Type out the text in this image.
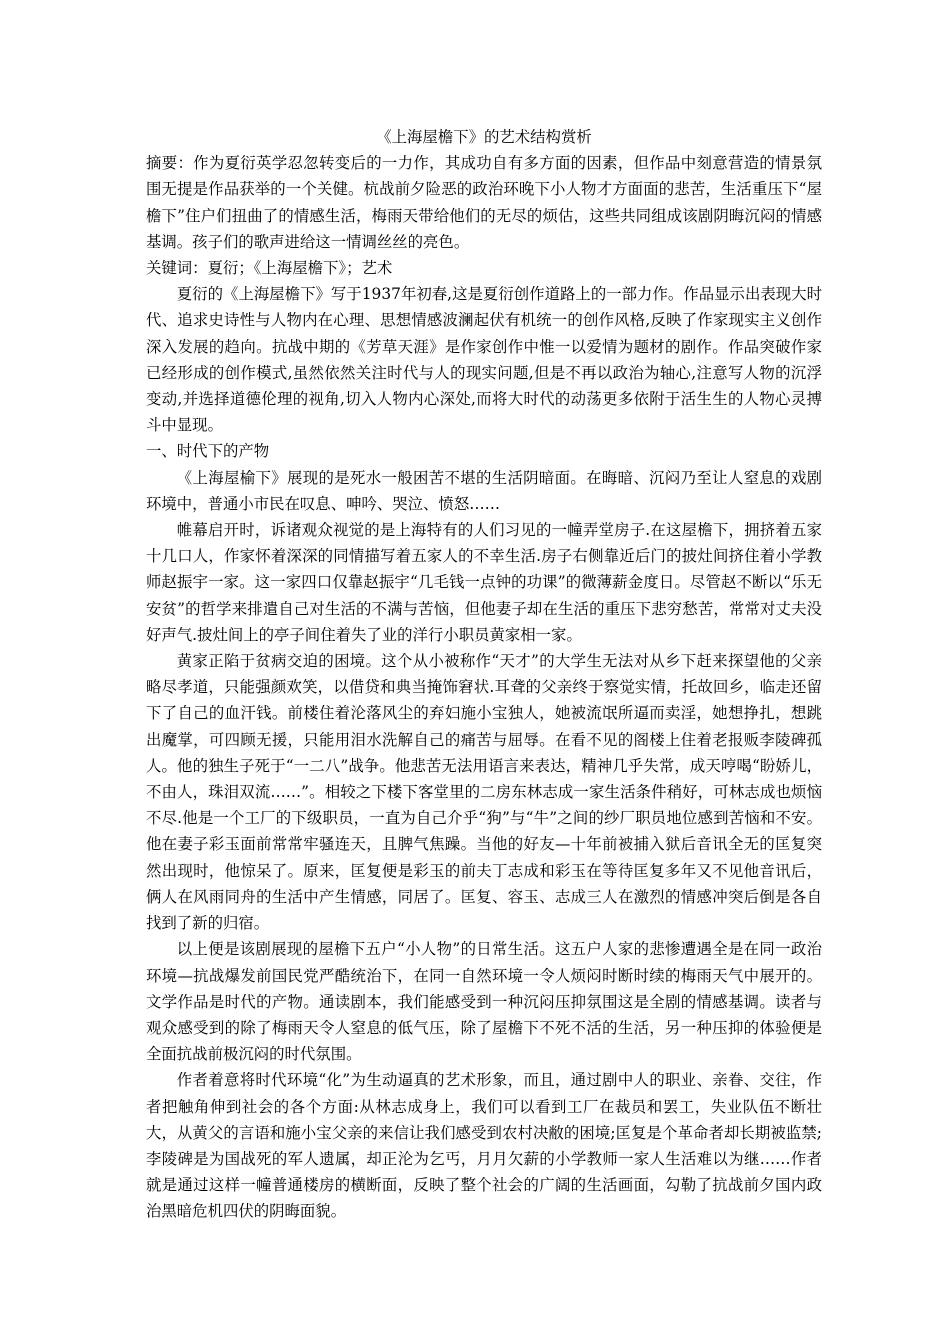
《上海屋檐下》的艺术结构赏析

摘要：作为夏衍英学忍忽转变后的一力作，其成功自有多方面的因素，但作品中刻意营造的情景氛围无提是作品获举的一个关健。杭战前夕险恶的政治环晚下小人物才方面面的悲苦，生活重压下“屋檐下”住户们扭曲了的情感生活，梅雨天带给他们的无尽的烦估，这些共同组成该剧阴晦沉闷的情感基调。孩子们的歌声进给这一情调丝丝的亮色。

关键词：夏衍；《上海屋檐下》；艺术

夏衍的《上海屋檐下》写于1937年初春,这是夏衍创作道路上的一部力作。作品显示出表现大时代、追求史诗性与人物内在心理、思想情感波澜起伏有机统一的创作风格,反映了作家现实主义创作深入发展的趋向。抗战中期的《芳草天涯》是作家创作中惟一以爱情为题材的剧作。作品突破作家已经形成的创作模式,虽然依然关注时代与人的现实问题,但是不再以政治为轴心,注意写人物的沉浮变动,并选择道德伦理的视角,切入人物内心深处,而将大时代的动荡更多依附于活生生的人物心灵搏斗中显现。

一、时代下的产物

《上海屋榆下》展现的是死水一般困苦不堪的生活阴暗面。在晦暗、沉闷乃至让人窒息的戏剧环境中，普通小市民在叹息、呻吟、哭泣、愤怒……

帷幕启开时，诉诸观众视觉的是上海特有的人们习见的一幢弄堂房子.在这屋檐下，拥挤着五家十几口人，作家怀着深深的同情描写着五家人的不幸生活.房子右侧靠近后门的披灶间挤住着小学教师赵振宇一家。这一家四口仅靠赵振宇“几毛钱一点钟的功课”的微薄薪金度日。尽管赵不断以“乐无安贫”的哲学来排遣自己对生活的不满与苦恼，但他妻子却在生活的重压下悲穷愁苦，常常对丈夫没好声气.披灶间上的亭子间住着失了业的洋行小职员黄家相一家。

黄家正陷于贫病交迫的困境。这个从小被称作“天才”的大学生无法对从乡下赶来探望他的父亲略尽孝道，只能强颜欢笑，以借贷和典当掩饰窘状.耳聋的父亲终于察觉实情，托故回乡，临走还留下了自己的血汗钱。前楼住着沦落风尘的弃妇施小宝独人，她被流氓所逼而卖淫，她想挣扎，想跳出魔掌，可四顾无援，只能用泪水洗解自己的痛苦与屈辱。在看不见的阁楼上住着老报贩李陵碑孤人。他的独生子死于“一二八”战争。他悲苦无法用语言来表达，精神几乎失常，成天哼喝“盼娇儿，不由人，珠泪双流……”。相较之下楼下客堂里的二房东林志成一家生活条件稍好，可林志成也烦恼不尽.他是一个工厂的下级职员，一直为自己介乎“狗”与“牛”之间的纱厂职员地位感到苦恼和不安。他在妻子彩玉面前常常牢骚连天，且脾气焦躁。当他的好友—十年前被捕入狱后音讯全无的匡复突然出现时，他惊呆了。原来，匡复便是彩玉的前夫丁志成和彩玉在等待匡复多年又不见他音讯后，俩人在风雨同舟的生活中产生情感，同居了。匡复、容玉、志成三人在激烈的情感冲突后倒是各自找到了新的归宿。

以上便是该剧展现的屋檐下五户“小人物”的日常生活。这五户人家的悲惨遭遇全是在同一政治环境—抗战爆发前国民党严酷统治下，在同一自然环境一令人烦闷时断时续的梅雨天气中展开的。文学作品是时代的产物。通读剧本，我们能感受到一种沉闷压抑氛围这是全剧的情感基调。读者与观众感受到的除了梅雨天令人窒息的低气压，除了屋檐下不死不活的生活，另一种压抑的体验便是全面抗战前极沉闷的时代氛围。

作者着意将时代环境“化”为生动逼真的艺术形象，而且，通过剧中人的职业、亲眷、交往，作者把触角伸到社会的各个方面:从林志成身上，我们可以看到工厂在裁员和罢工，失业队伍不断壮大，从黄父的言语和施小宝父亲的来信让我们感受到农村决敝的困境;匡复是个革命者却长期被监禁;李陵碑是为国战死的军人遗属，却正沦为乞丐，月月欠薪的小学教师一家人生活难以为继……作者就是通过这样一幢普通楼房的横断面，反映了整个社会的广阔的生活画面，勾勒了抗战前夕国内政治黑暗危机四伏的阴晦面貌。
